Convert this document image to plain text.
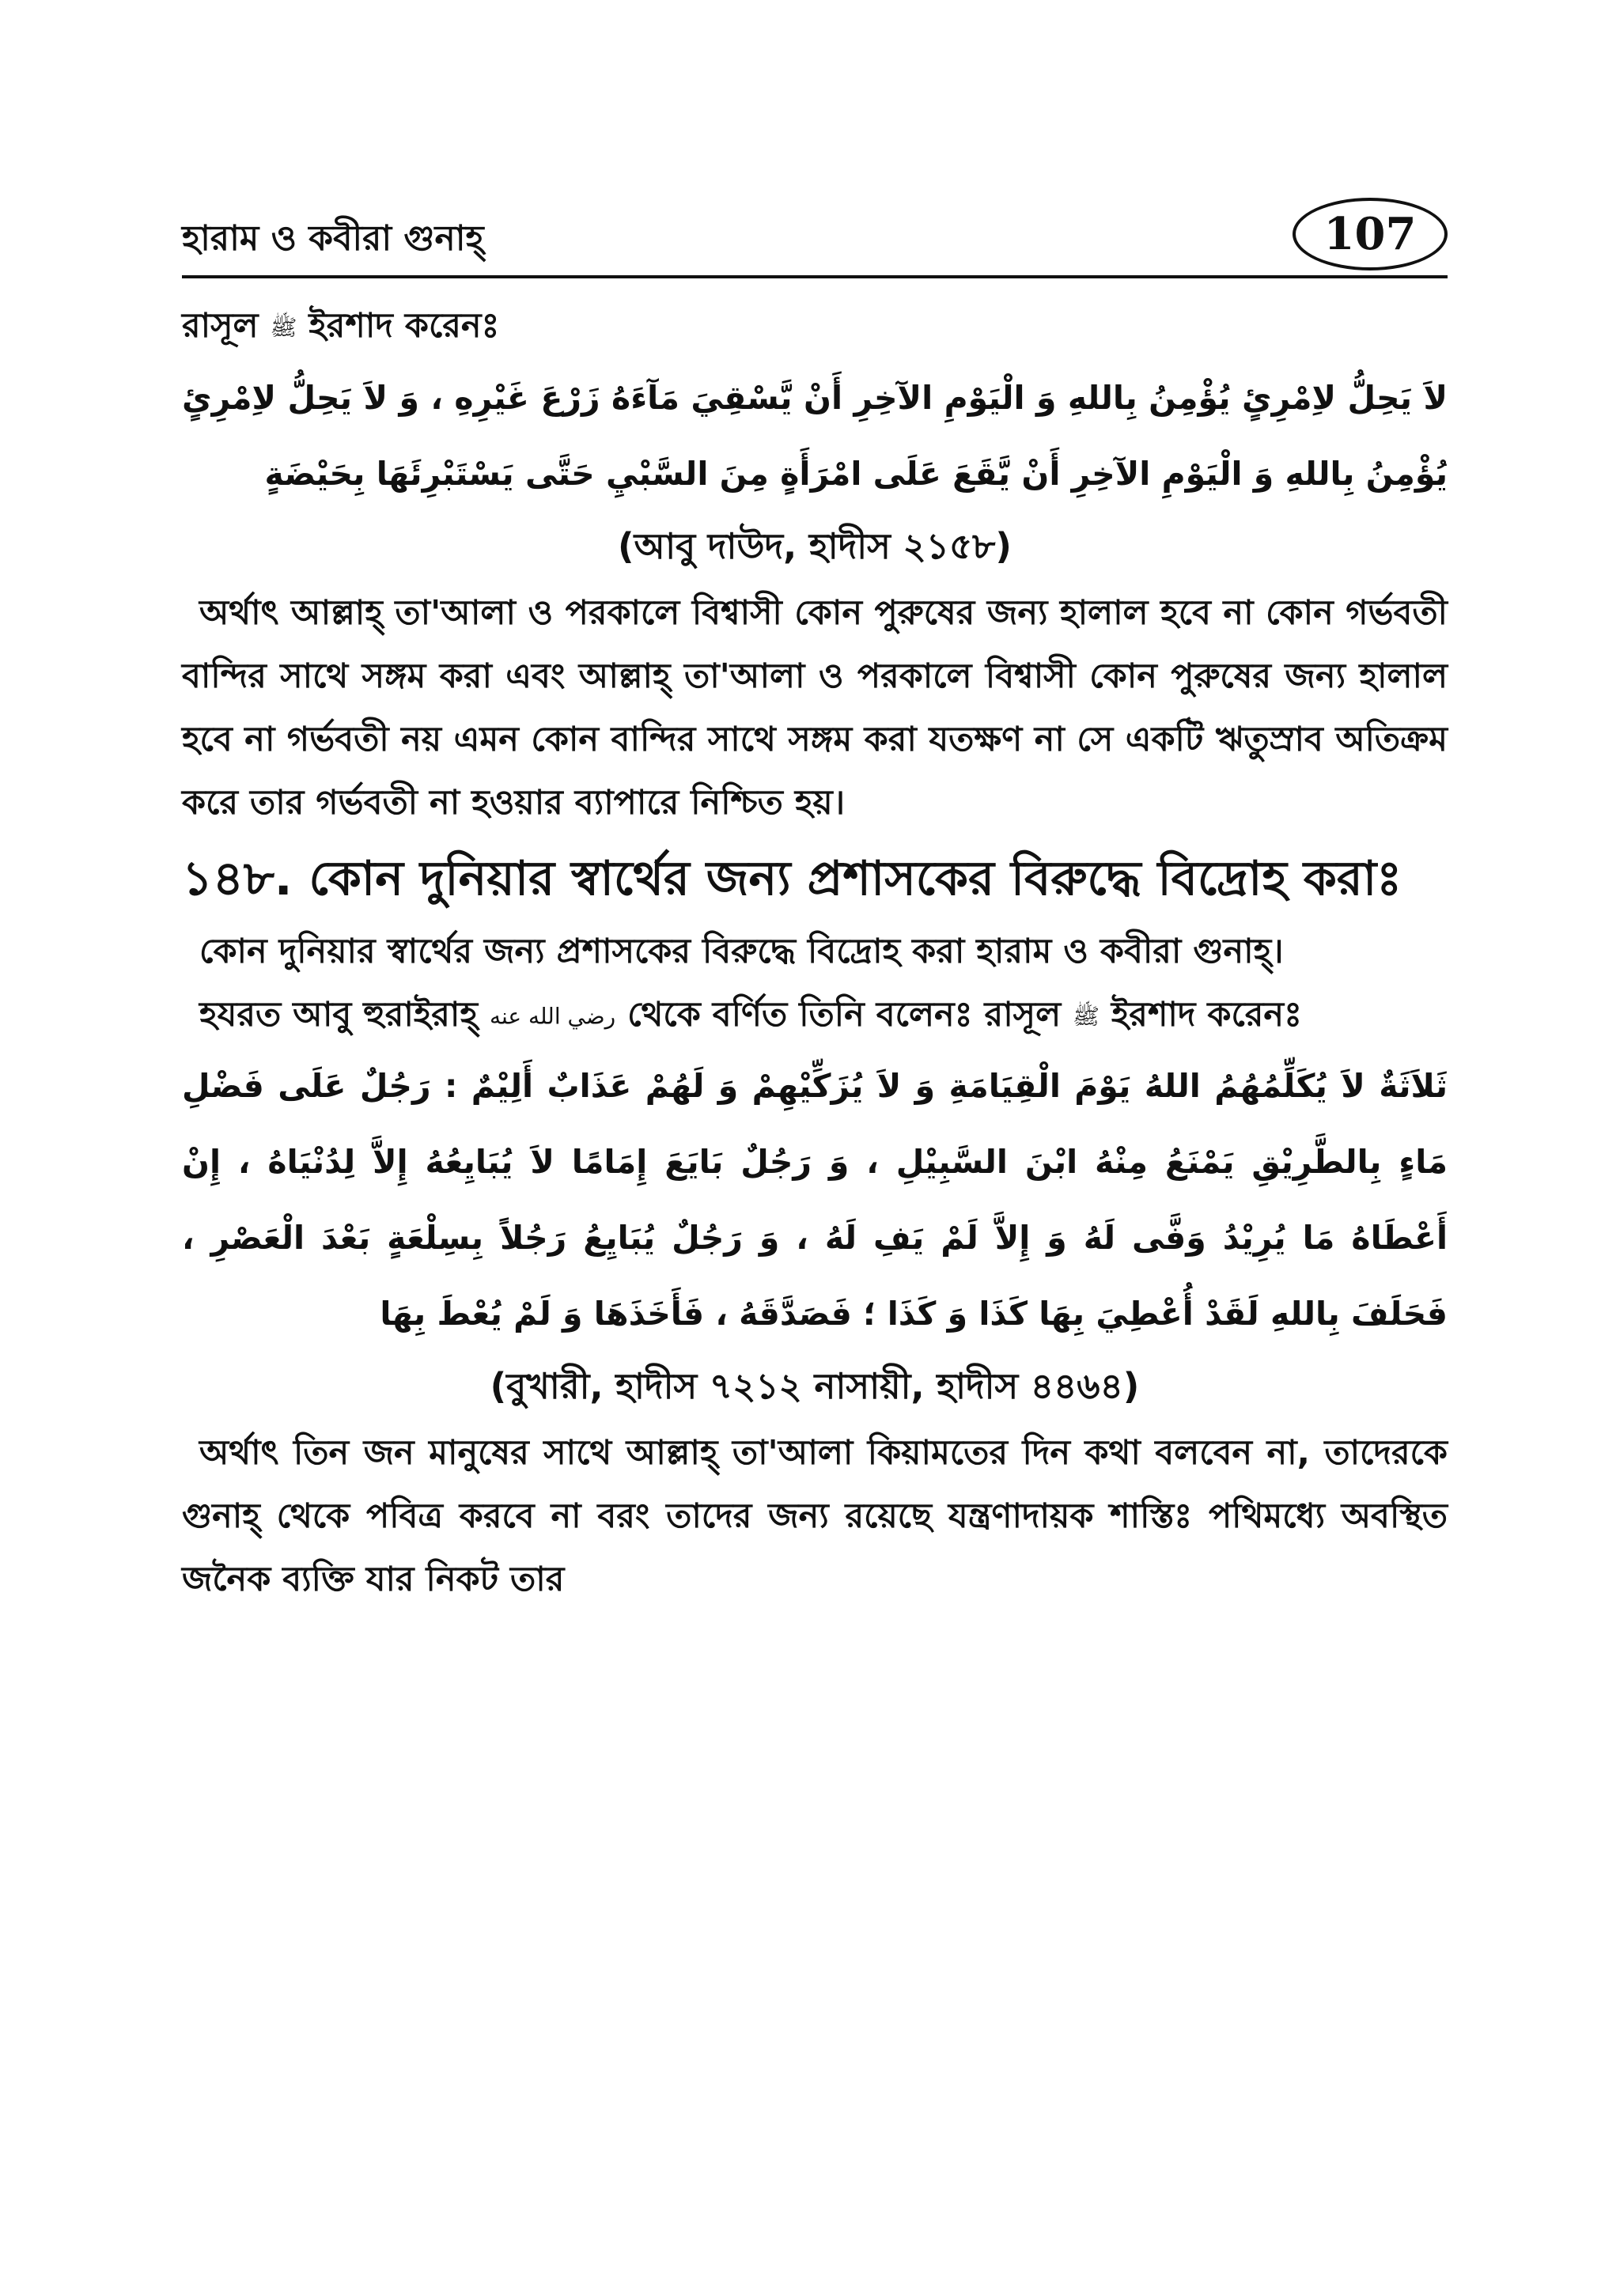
হারাম ও কবীরা গুনাহ্	107

রাসূল ﷺ ইরশাদ করেনঃ

لاَ يَحِلُّ لاِمْرِئٍ يُؤْمِنُ بِاللهِ وَ الْيَوْمِ الآخِرِ أَنْ يَّسْقِيَ مَآءَهُ زَرْعَ غَيْرِهِ ، وَ لاَ يَحِلُّ لاِمْرِئٍ يُؤْمِنُ بِاللهِ وَ الْيَوْمِ الآخِرِ أَنْ يَّقَعَ عَلَى امْرَأَةٍ مِنَ السَّبْيِ حَتَّى يَسْتَبْرِئَهَا بِحَيْضَةٍ

(আবু দাউদ, হাদীস ২১৫৮)

অর্থাৎ আল্লাহ্ তা'আলা ও পরকালে বিশ্বাসী কোন পুরুষের জন্য হালাল হবে না কোন গর্ভবতী বান্দির সাথে সঙ্গম করা এবং আল্লাহ্ তা'আলা ও পরকালে বিশ্বাসী কোন পুরুষের জন্য হালাল হবে না গর্ভবতী নয় এমন কোন বান্দির সাথে সঙ্গম করা যতক্ষণ না সে একটি ঋতুস্রাব অতিক্রম করে তার গর্ভবতী না হওয়ার ব্যাপারে নিশ্চিত হয়।

১৪৮. কোন দুনিয়ার স্বার্থের জন্য প্রশাসকের বিরুদ্ধে বিদ্রোহ করাঃ

কোন দুনিয়ার স্বার্থের জন্য প্রশাসকের বিরুদ্ধে বিদ্রোহ করা হারাম ও কবীরা গুনাহ্।

হযরত আবু হুরাইরাহ্ رضي الله عنه থেকে বর্ণিত তিনি বলেনঃ রাসূল ﷺ ইরশাদ করেনঃ

ثَلاَثَةٌ لاَ يُكَلِّمُهُمُ اللهُ يَوْمَ الْقِيَامَةِ وَ لاَ يُزَكِّيْهِمْ وَ لَهُمْ عَذَابٌ أَلِيْمٌ : رَجُلٌ عَلَى فَضْلِ مَاءٍ بِالطَّرِيْقِ يَمْنَعُ مِنْهُ ابْنَ السَّبِيْلِ ، وَ رَجُلٌ بَايَعَ إِمَامًا لاَ يُبَايِعُهُ إِلاَّ لِدُنْيَاهُ ، إِنْ أَعْطَاهُ مَا يُرِيْدُ وَفَّى لَهُ وَ إِلاَّ لَمْ يَفِ لَهُ ، وَ رَجُلٌ يُبَايِعُ رَجُلاً بِسِلْعَةٍ بَعْدَ الْعَصْرِ ، فَحَلَفَ بِاللهِ لَقَدْ أُعْطِيَ بِهَا كَذَا وَ كَذَا ؛ فَصَدَّقَهُ ، فَأَخَذَهَا وَ لَمْ يُعْطَ بِهَا

(বুখারী, হাদীস ৭২১২ নাসায়ী, হাদীস ৪৪৬৪)

অর্থাৎ তিন জন মানুষের সাথে আল্লাহ্ তা'আলা কিয়ামতের দিন কথা বলবেন না, তাদেরকে গুনাহ্ থেকে পবিত্র করবে না বরং তাদের জন্য রয়েছে যন্ত্রণাদায়ক শাস্তিঃ পথিমধ্যে অবস্থিত জনৈক ব্যক্তি যার নিকট তার
